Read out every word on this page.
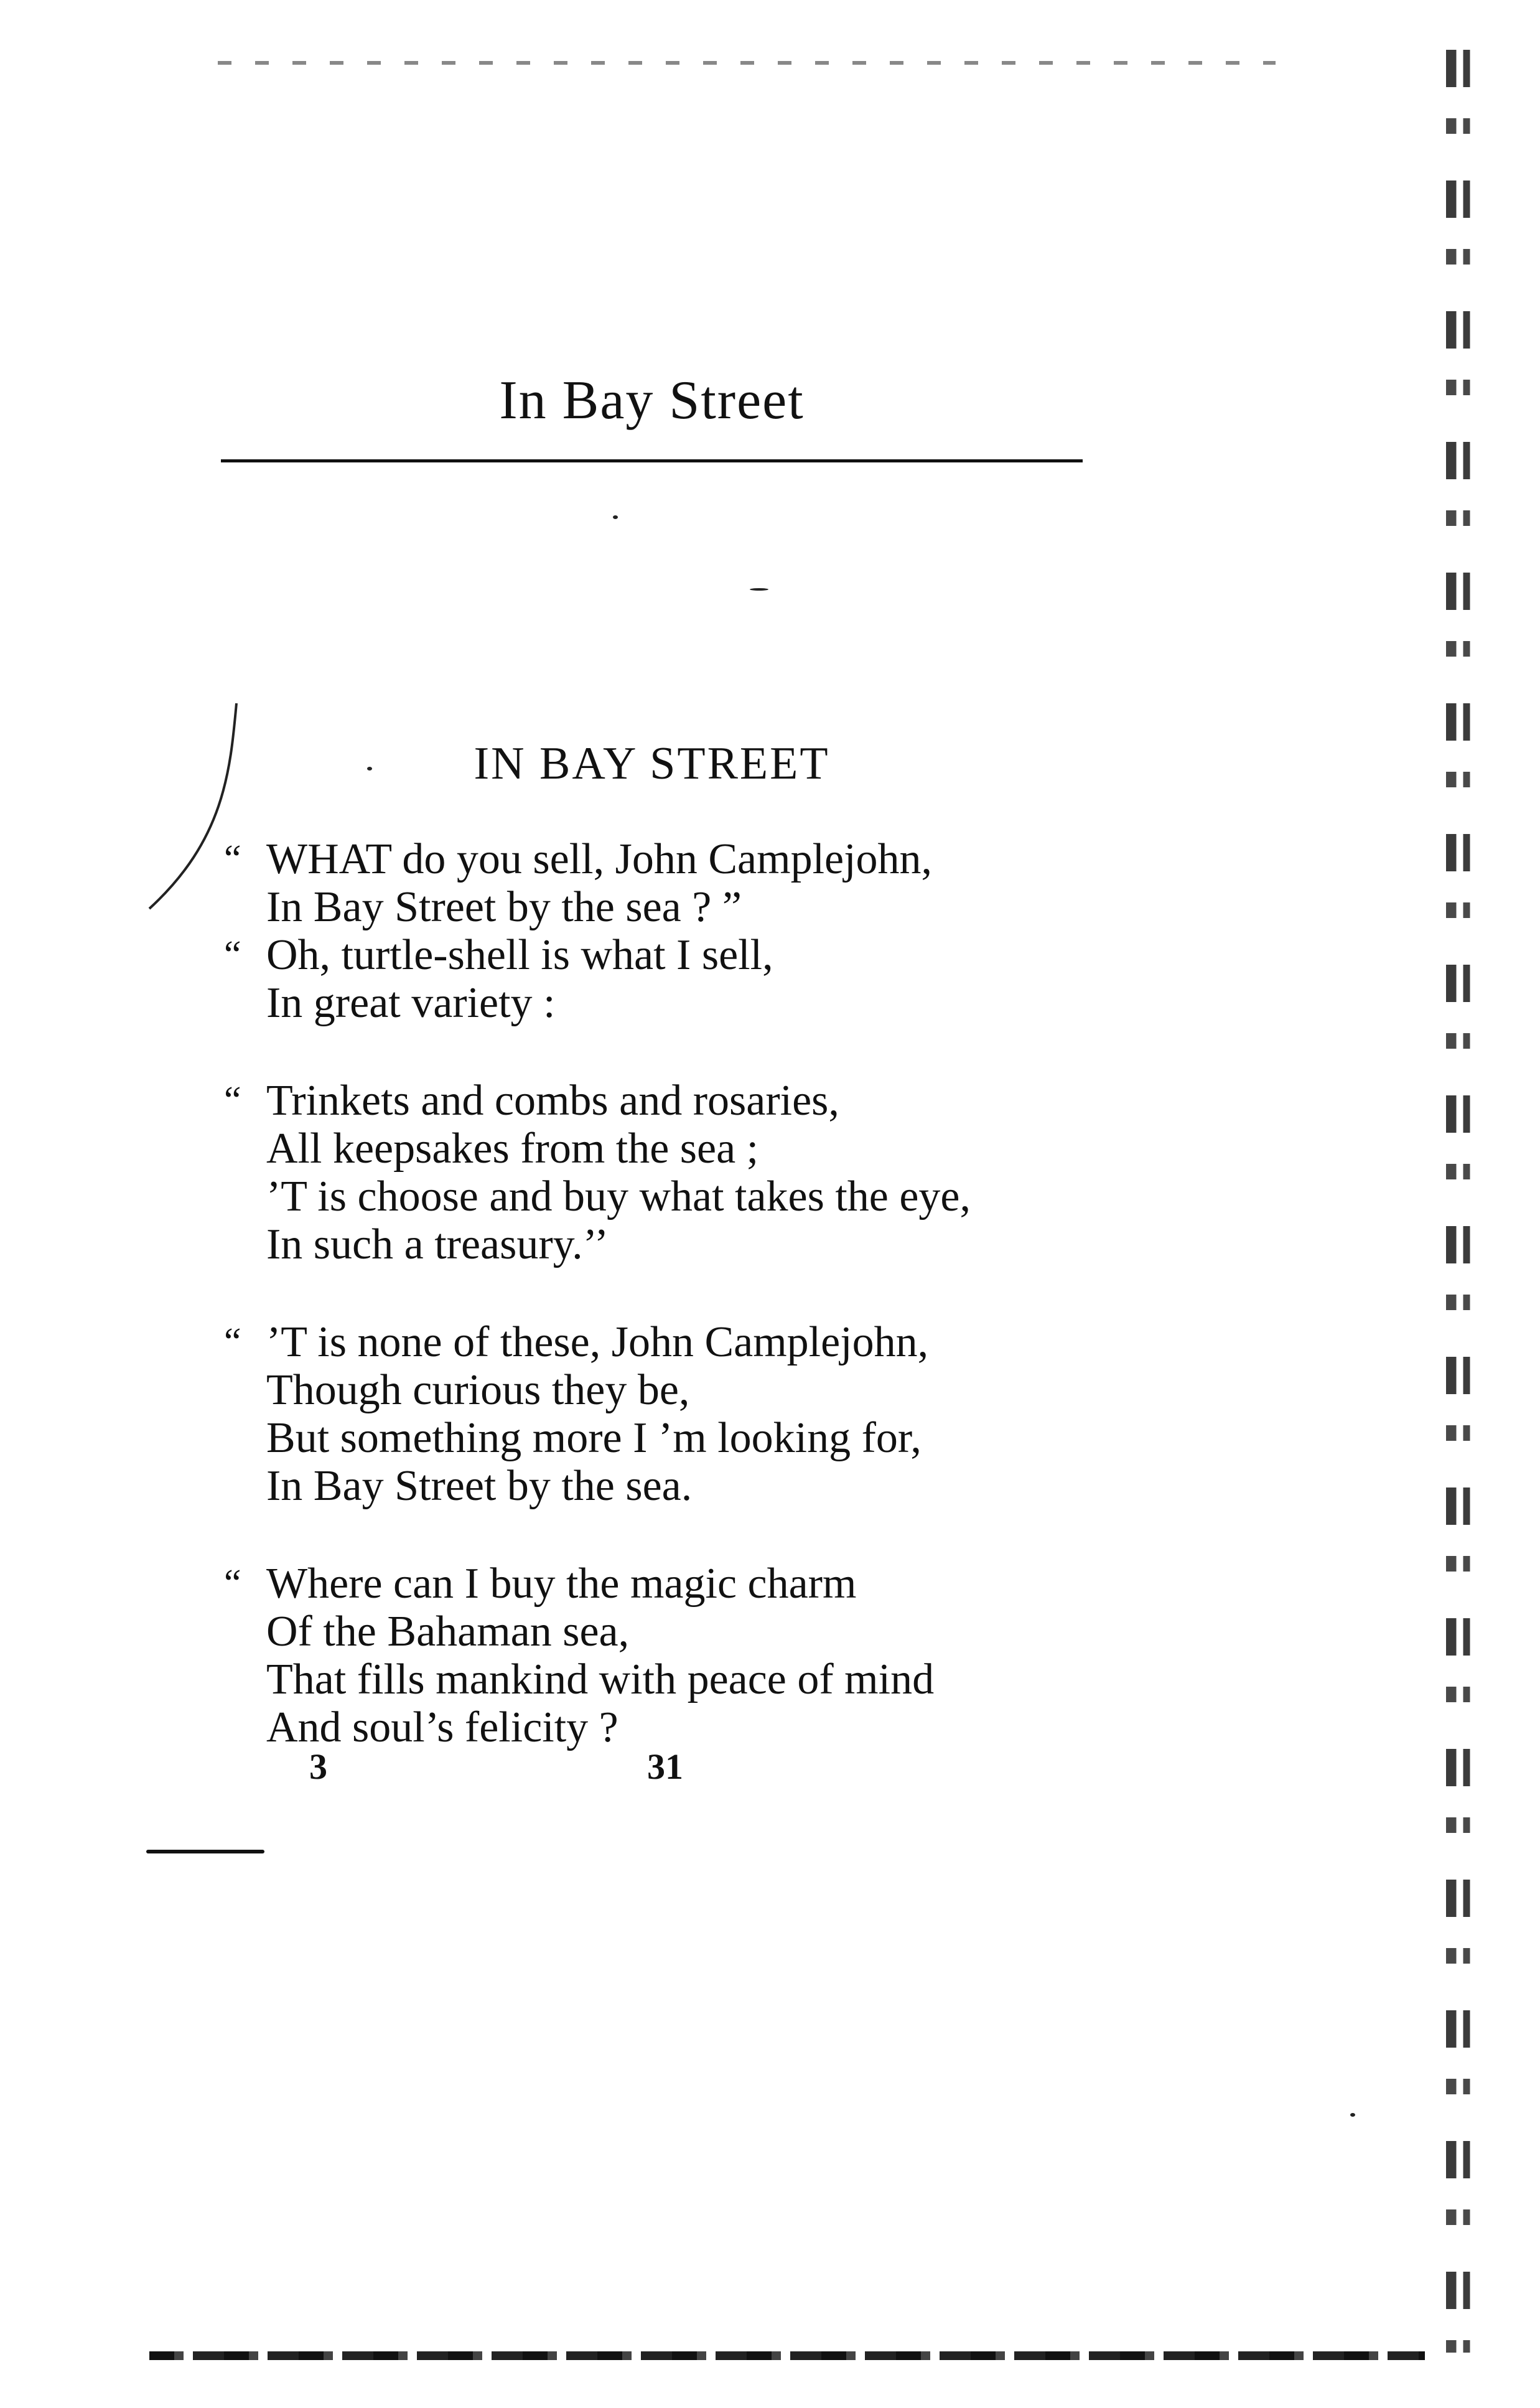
In Bay Street
IN BAY STREET
“ WHAT do you sell, John Camplejohn,
In Bay Street by the sea ? ”
“ Oh, turtle-shell is what I sell,
In great variety :
“ Trinkets and combs and rosaries,
All keepsakes from the sea ;
’T is choose and buy what takes the eye,
In such a treasury.’’
“ ’T is none of these, John Camplejohn,
Though curious they be,
But something more I ’m looking for,
In Bay Street by the sea.
“ Where can I buy the magic charm
Of the Bahaman sea,
That fills mankind with peace of mind
And soul’s felicity ?
3	31
